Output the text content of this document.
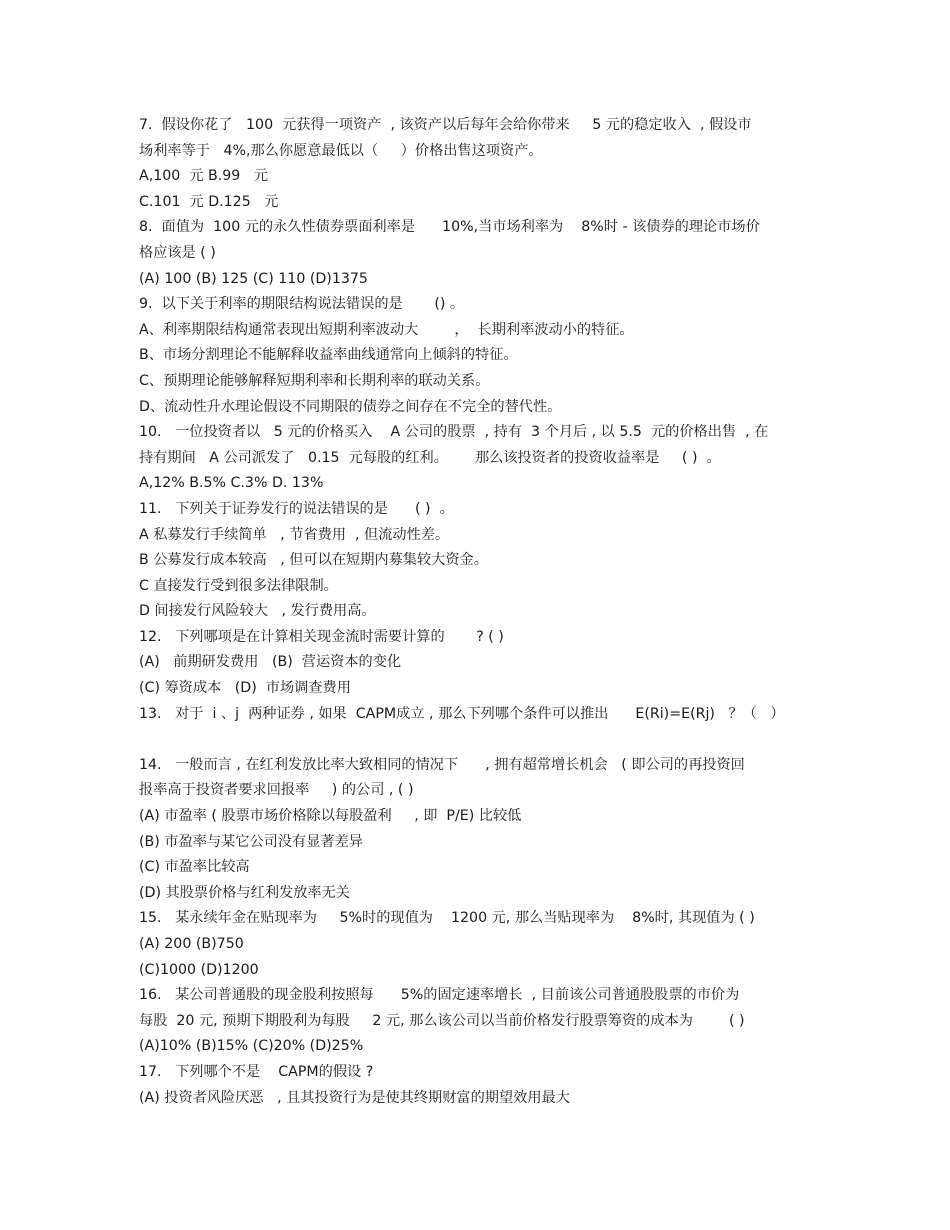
7.  假设你花了   100  元获得一项资产  , 该资产以后每年会给你带来     5 元的稳定收入  , 假设市
场利率等于   4%,那么你愿意最低以（     ）价格出售这项资产。
A,100  元 B.99   元
C.101  元 D.125   元
8.  面值为  100 元的永久性债券票面利率是      10%,当市场利率为    8%时 - 该债券的理论市场价
格应该是 ( )
(A) 100 (B) 125 (C) 110 (D)1375
9.  以下关于利率的期限结构说法错误的是       () 。
A、利率期限结构通常表现出短期利率波动大        ，  长期利率波动小的特征。
B、市场分割理论不能解释收益率曲线通常向上倾斜的特征。
C、预期理论能够解释短期利率和长期利率的联动关系。
D、流动性升水理论假设不同期限的债券之间存在不完全的替代性。
10.   一位投资者以   5 元的价格买入    A 公司的股票  , 持有  3 个月后 , 以 5.5  元的价格出售  , 在
持有期间   A 公司派发了   0.15  元每股的红利。      那么该投资者的投资收益率是     ( )  。
A,12% B.5% C.3% D. 13%
11.   下列关于证券发行的说法错误的是      ( )  。
A 私募发行手续简单   , 节省费用  , 但流动性差。
B 公募发行成本较高   , 但可以在短期内募集较大资金。
C 直接发行受到很多法律限制。
D 间接发行风险较大   , 发行费用高。
12.   下列哪项是在计算相关现金流时需要计算的       ? ( )
(A)   前期研发费用   (B)  营运资本的变化
(C) 筹资成本   (D)  市场调查费用
13.   对于  i 、j  两种证券 , 如果  CAPM成立 , 那么下列哪个条件可以推出      E(Ri)=E(Rj)   ？（   ）
14.   一般而言 , 在红利发放比率大致相同的情况下      , 拥有超常增长机会   ( 即公司的再投资回
报率高于投资者要求回报率     ) 的公司 , ( )
(A) 市盈率 ( 股票市场价格除以每股盈利     , 即  P/E) 比较低
(B) 市盈率与某它公司没有显著差异
(C) 市盈率比较高
(D) 其股票价格与红利发放率无关
15.   某永续年金在贴现率为     5%时的现值为    1200 元, 那么当贴现率为    8%时, 其现值为 ( )
(A) 200 (B)750
(C)1000 (D)1200
16.   某公司普通股的现金股利按照每      5%的固定速率增长  , 目前该公司普通股股票的市价为
每股  20 元, 预期下期股利为每股     2 元, 那么该公司以当前价格发行股票筹资的成本为        ( )
(A)10% (B)15% (C)20% (D)25%
17.   下列哪个不是    CAPM的假设 ?
(A) 投资者风险厌恶   , 且其投资行为是使其终期财富的期望效用最大
